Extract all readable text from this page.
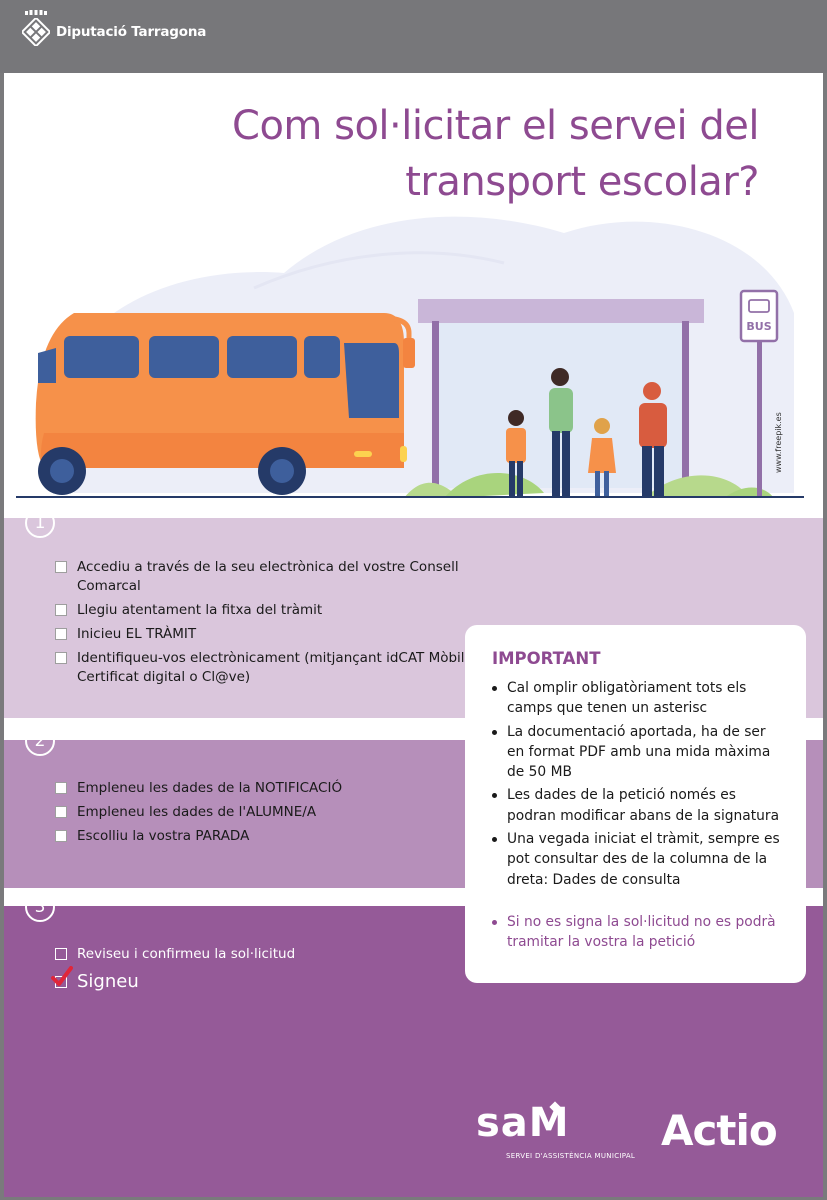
Diputació Tarragona
Com sol·licitar el servei del
transport escolar?
BUS
www.freepik.es
1
2
3
Accediu a través de la seu electrònica del vostre Consell Comarcal
Llegiu atentament la fitxa del tràmit
Inicieu EL TRÀMIT
Identifiqueu-vos electrònicament (mitjançant idCAT Mòbil Certificat digital o Cl@ve)
Empleneu les dades de la NOTIFICACIÓ
Empleneu les dades de l'ALUMNE/A
Escolliu la vostra PARADA
Reviseu i confirmeu la sol·licitud
Signeu
IMPORTANT
Cal omplir obligatòriament tots els camps que tenen un asterisc
La documentació aportada, ha de ser en format PDF amb una mida màxima de 50 MB
Les dades de la petició només es podran modificar abans de la signatura
Una vegada iniciat el tràmit, sempre es pot consultar des de la columna de la dreta: Dades de consulta
Si no es signa la sol·licitud no es podrà tramitar la vostra la petició
saM
SERVEI D'ASSISTÈNCIA MUNICIPAL
Actio
